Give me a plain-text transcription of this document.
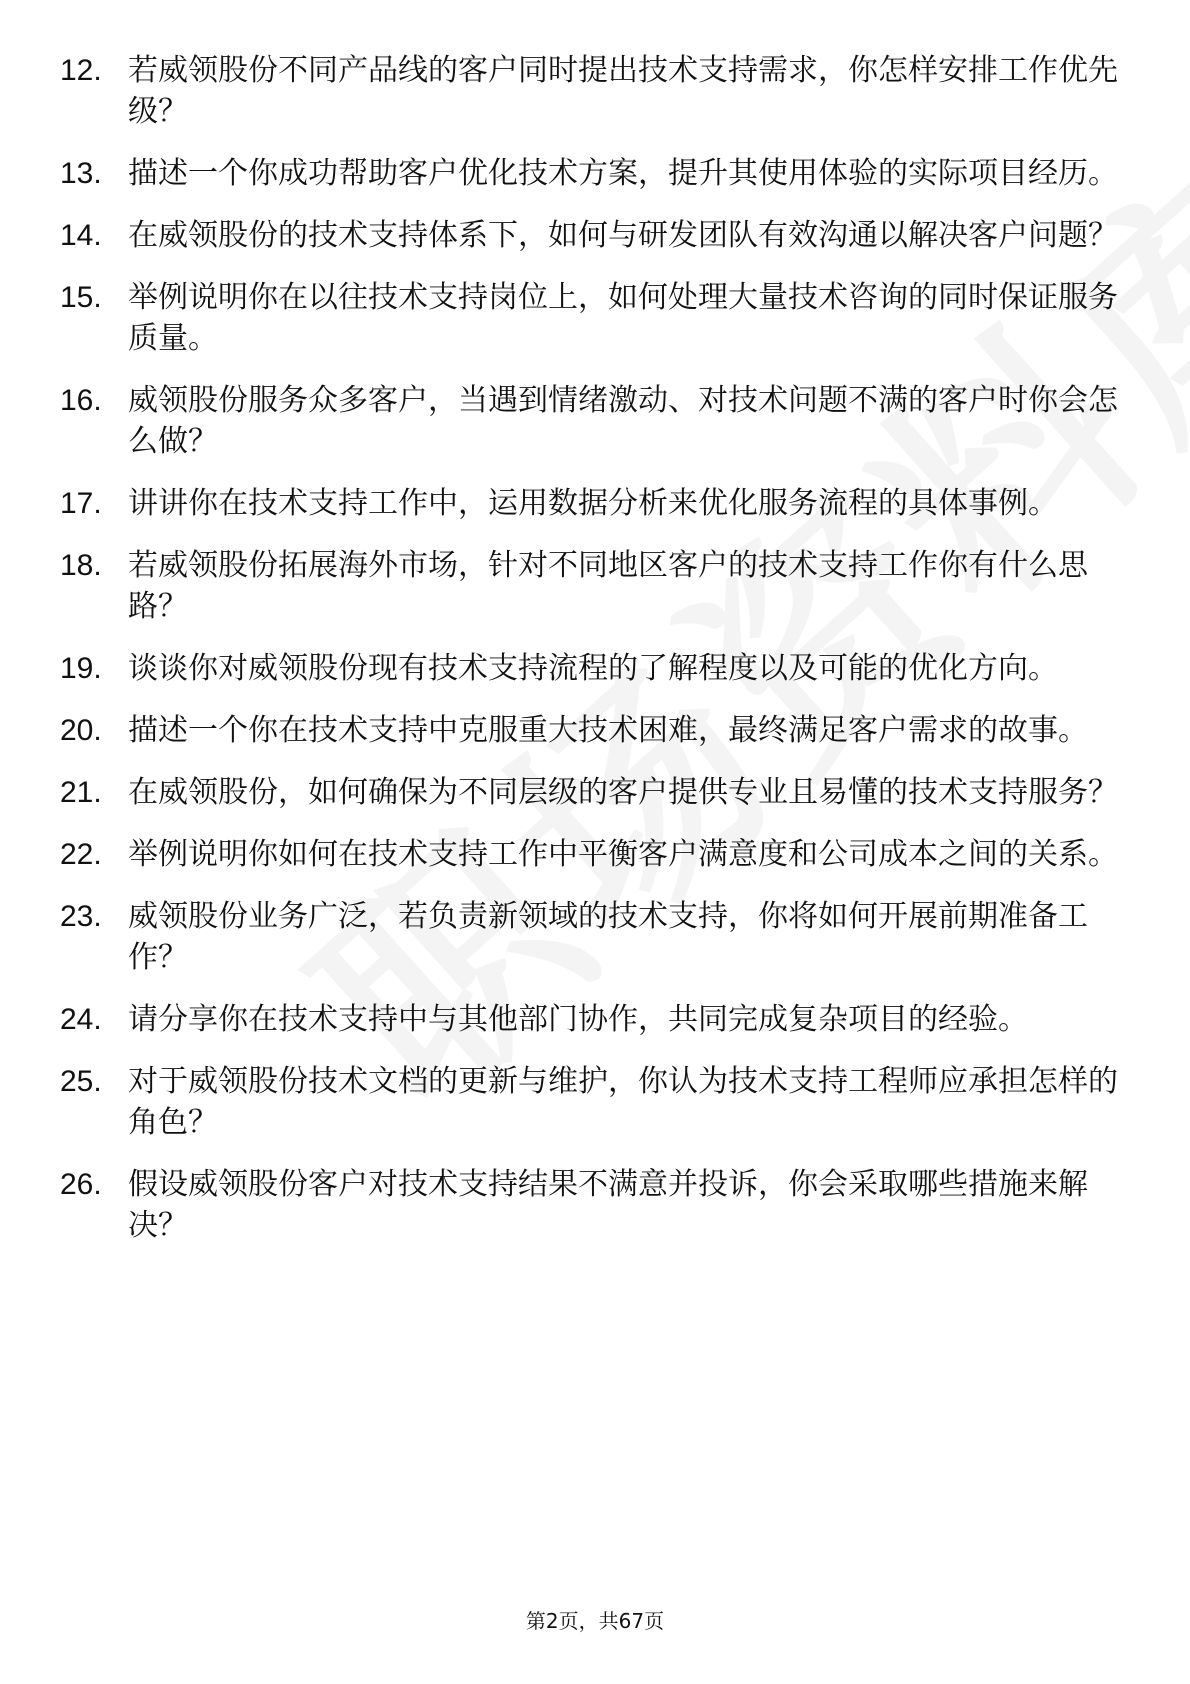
12. 若威领股份不同产品线的客户同时提出技术支持需求，你怎样安排工作优先级？
13. 描述一个你成功帮助客户优化技术方案，提升其使用体验的实际项目经历。
14. 在威领股份的技术支持体系下，如何与研发团队有效沟通以解决客户问题？
15. 举例说明你在以往技术支持岗位上，如何处理大量技术咨询的同时保证服务质量。
16. 威领股份服务众多客户，当遇到情绪激动、对技术问题不满的客户时你会怎么做？
17. 讲讲你在技术支持工作中，运用数据分析来优化服务流程的具体事例。
18. 若威领股份拓展海外市场，针对不同地区客户的技术支持工作你有什么思路？
19. 谈谈你对威领股份现有技术支持流程的了解程度以及可能的优化方向。
20. 描述一个你在技术支持中克服重大技术困难，最终满足客户需求的故事。
21. 在威领股份，如何确保为不同层级的客户提供专业且易懂的技术支持服务？
22. 举例说明你如何在技术支持工作中平衡客户满意度和公司成本之间的关系。
23. 威领股份业务广泛，若负责新领域的技术支持，你将如何开展前期准备工作？
24. 请分享你在技术支持中与其他部门协作，共同完成复杂项目的经验。
25. 对于威领股份技术文档的更新与维护，你认为技术支持工程师应承担怎样的角色？
26. 假设威领股份客户对技术支持结果不满意并投诉，你会采取哪些措施来解决？
第2页，共67页
